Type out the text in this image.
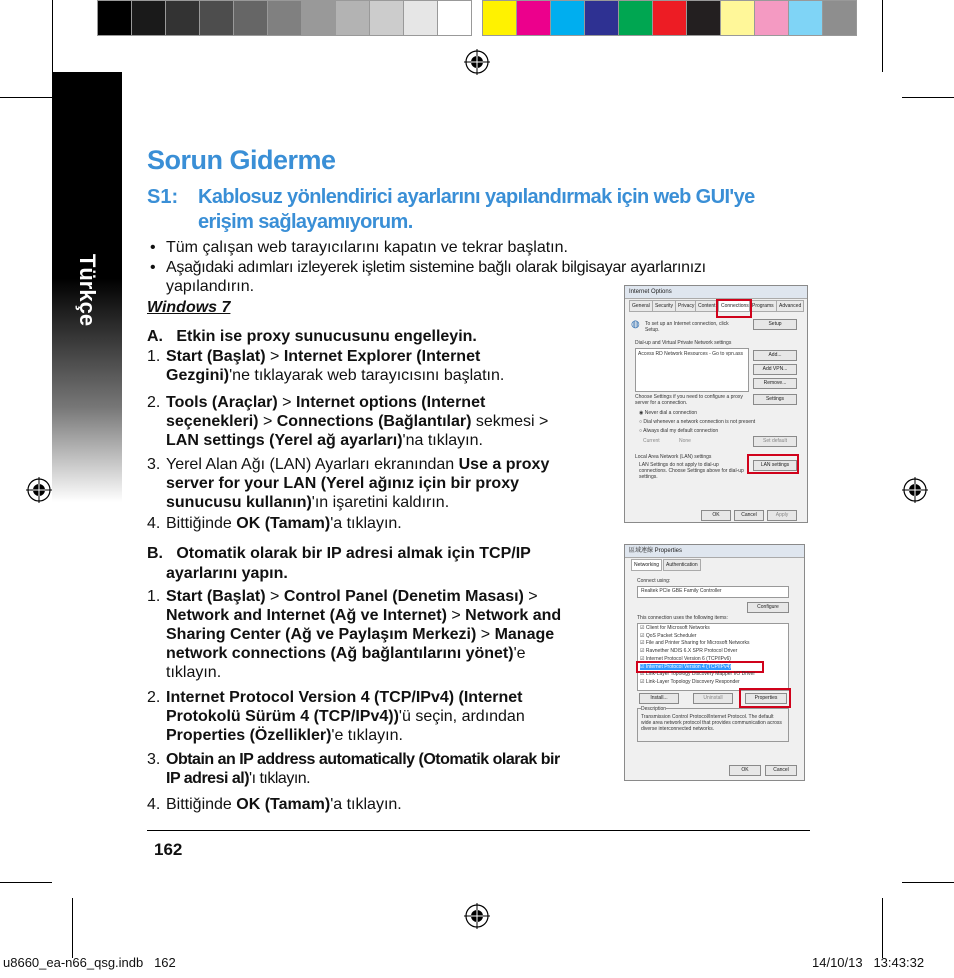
Türkçe
Sorun Giderme
S1: Kablosuz yönlendirici ayarlarını yapılandırmak için web GUI'ye
erişim sağlayamıyorum.
• Tüm çalışan web tarayıcılarını kapatın ve tekrar başlatın.
• Aşağıdaki adımları izleyerek işletim sistemine bağlı olarak bilgisayar ayarlarınızı
yapılandırın.
Windows 7
A.   Etkin ise proxy sunucusunu engelleyin.
1. Start (Başlat) > Internet Explorer (Internet
Gezgini)'ne tıklayarak web tarayıcısını başlatın.
2. Tools (Araçlar) > Internet options (Internet
seçenekleri) > Connections (Bağlantılar) sekmesi >
LAN settings (Yerel ağ ayarları)'na tıklayın.
3. Yerel Alan Ağı (LAN) Ayarları ekranından Use a proxy
server for your LAN (Yerel ağınız için bir proxy
sunucusu kullanın)'ın işaretini kaldırın.
4. Bittiğinde OK (Tamam)'a tıklayın.
B.   Otomatik olarak bir IP adresi almak için TCP/IP
ayarlarını yapın.
1. Start (Başlat) > Control Panel (Denetim Masası) >
Network and Internet (Ağ ve Internet) > Network and
Sharing Center (Ağ ve Paylaşım Merkezi) > Manage
network connections (Ağ bağlantılarını yönet)'e
tıklayın.
2. Internet Protocol Version 4 (TCP/IPv4) (Internet
Protokolü Sürüm 4 (TCP/IPv4))'ü seçin, ardından
Properties (Özellikler)'e tıklayın.
3. Obtain an IP address automatically (Otomatik olarak bir
IP adresi al)'ı tıklayın.
4. Bittiğinde OK (Tamam)'a tıklayın.
162
u8660_ea-n66_qsg.indb   162	14/10/13   13:43:32
Internet Options
General	Security Privacy Content	Connections Programs	Advanced
◍ To set up an Internet connection, click Setup.
Setup
Dial-up and Virtual Private Network settings
Access RD Network Resources - Go to vpn.ass	Add...
Add VPN...
Remove...
Choose Settings if you need to configure a proxy server for a connection.
Settings
◉ Never dial a connection
○ Dial whenever a network connection is not present
○ Always dial my default connection
Current	None	Set default
Local Area Network (LAN) settings
LAN Settings do not apply to dial-up connections. Choose Settings above for dial-up settings.
LAN settings
OK	Cancel	Apply
區域連線 Properties
Networking	Authentication
Connect using:
Realtek PCIe GBE Family Controller
Configure
This connection uses the following items:
Install...	Uninstall	Properties
Description
Transmission Control Protocol/Internet Protocol. The default wide area network protocol that provides communication across diverse interconnected networks.
OK	Cancel
☑ Client for Microsoft Networks
☑ QoS Packet Scheduler
☑ File and Printer Sharing for Microsoft Networks
☑ Ravnether NDIS 6.X SPR Protocol Driver
☑ Internet Protocol Version 6 (TCP/IPv6)
☑ Internet Protocol Version 4 (TCP/IPv4)
☑ Link-Layer Topology Discovery Mapper I/O Driver
☑ Link-Layer Topology Discovery Responder
